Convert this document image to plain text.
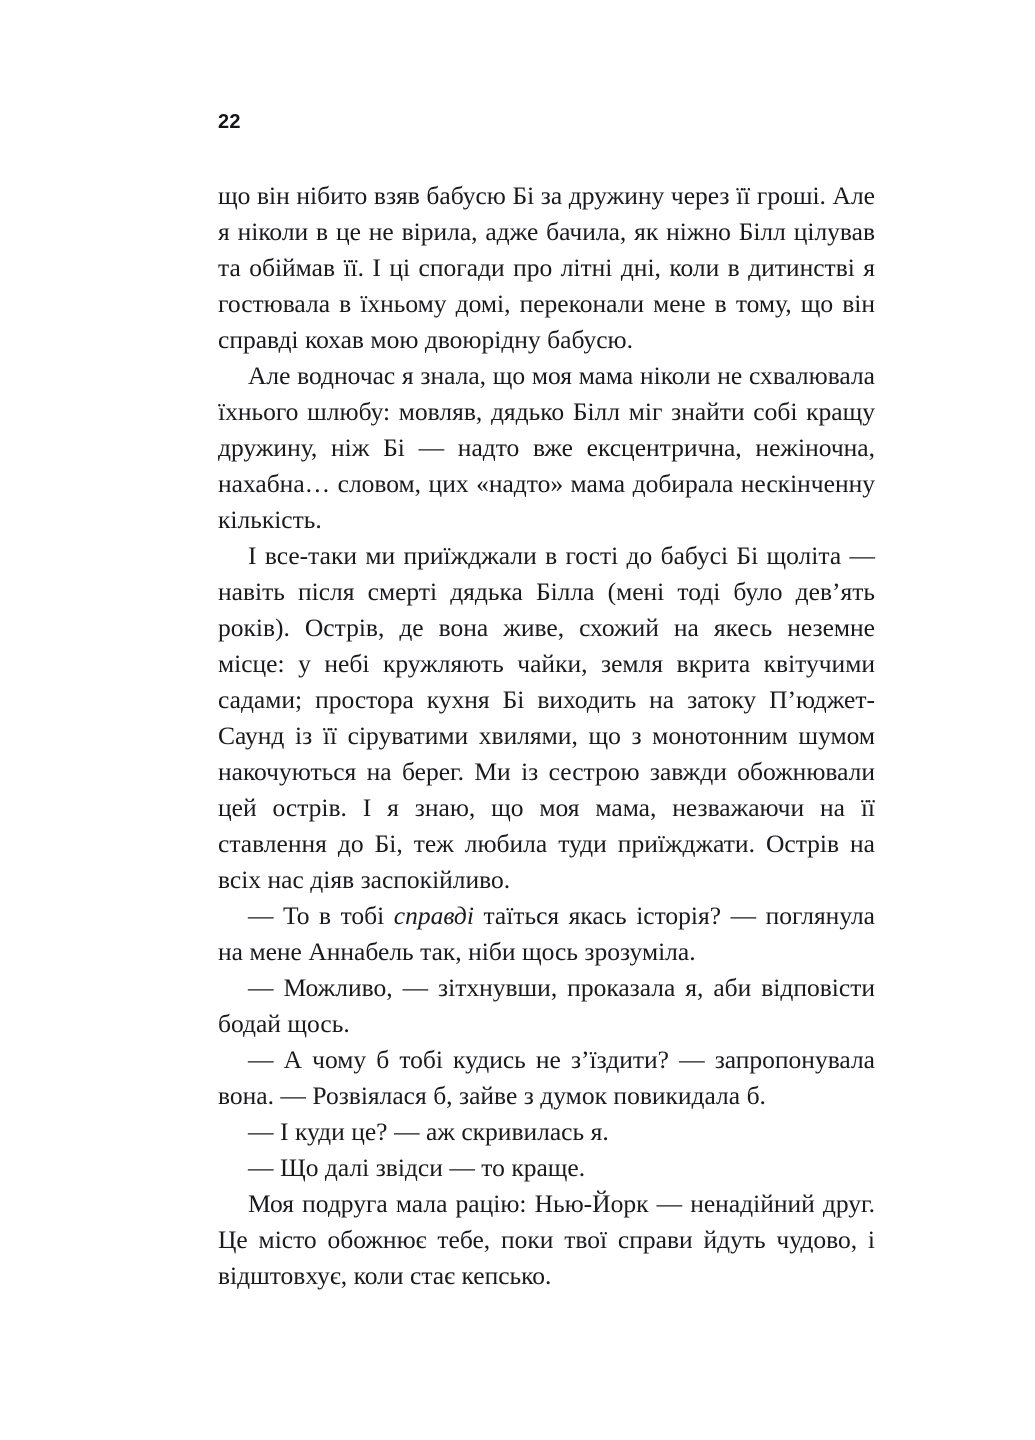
22

що він нібито взяв бабусю Бі за дружину через її гроші. Але я ніколи в це не вірила, адже бачила, як ніжно Білл цілував та обіймав її. І ці спогади про літні дні, коли в дитинстві я гостювала в їхньому домі, переконали мене в тому, що він справді кохав мою двоюрідну бабусю.

Але водночас я знала, що моя мама ніколи не схвалювала їхнього шлюбу: мовляв, дядько Білл міг знайти собі кращу дружину, ніж Бі — надто вже ексцентрична, нежіночна, нахабна… словом, цих «надто» мама добирала нескінченну кількість.

І все-таки ми приїжджали в гості до бабусі Бі щоліта — навіть після смерті дядька Білла (мені тоді було дев’ять років). Острів, де вона живе, схожий на якесь неземне місце: у небі кружляють чайки, земля вкрита квітучими садами; простора кухня Бі виходить на затоку П’юджет-Саунд із її сіруватими хвилями, що з монотонним шумом накочуються на берег. Ми із сестрою завжди обожнювали цей острів. І я знаю, що моя мама, незважаючи на її ставлення до Бі, теж любила туди приїжджати. Острів на всіх нас діяв заспокійливо.

— То в тобі справді таїться якась історія? — поглянула на мене Аннабель так, ніби щось зрозуміла.

— Можливо, — зітхнувши, проказала я, аби відповісти бодай щось.

— А чому б тобі кудись не з’їздити? — запропонувала вона. — Розвіялася б, зайве з думок повикидала б.

— І куди це? — аж скривилась я.

— Що далі звідси — то краще.

Моя подруга мала рацію: Нью-Йорк — ненадійний друг. Це місто обожнює тебе, поки твої справи йдуть чудово, і відштовхує, коли стає кепсько.
